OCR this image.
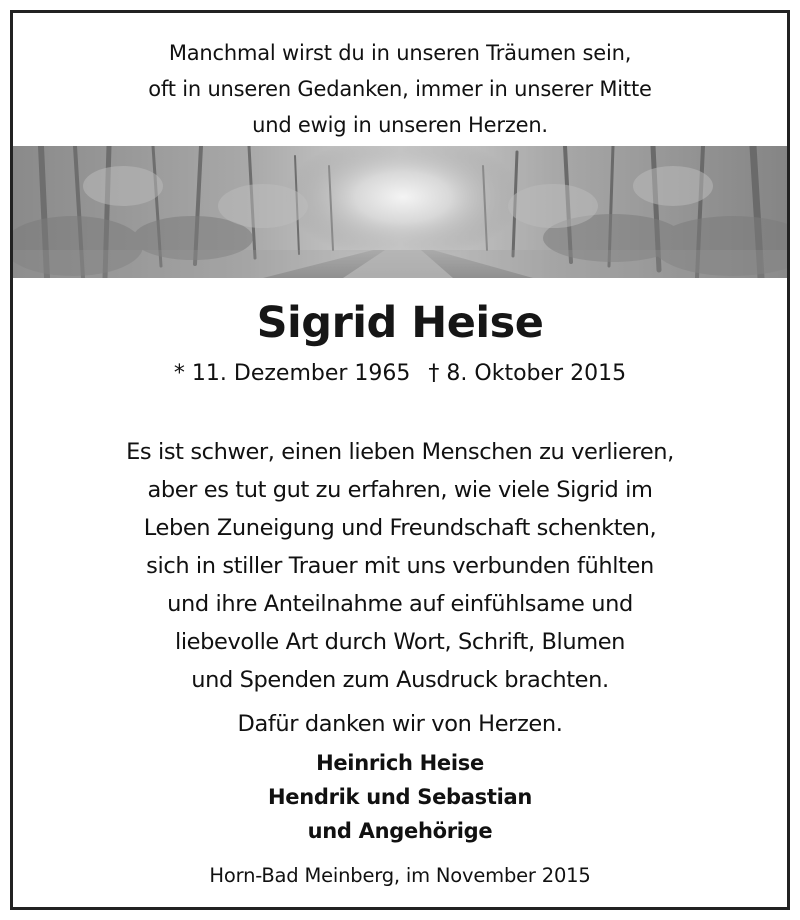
Manchmal wirst du in unseren Träumen sein,
oft in unseren Gedanken, immer in unserer Mitte
und ewig in unseren Herzen.
Sigrid Heise
* 11. Dezember 1965 † 8. Oktober 2015
Es ist schwer, einen lieben Menschen zu verlieren,
aber es tut gut zu erfahren, wie viele Sigrid im
Leben Zuneigung und Freundschaft schenkten,
sich in stiller Trauer mit uns verbunden fühlten
und ihre Anteilnahme auf einfühlsame und
liebevolle Art durch Wort, Schrift, Blumen
und Spenden zum Ausdruck brachten.
Dafür danken wir von Herzen.
Heinrich Heise
Hendrik und Sebastian
und Angehörige
Horn-Bad Meinberg, im November 2015
